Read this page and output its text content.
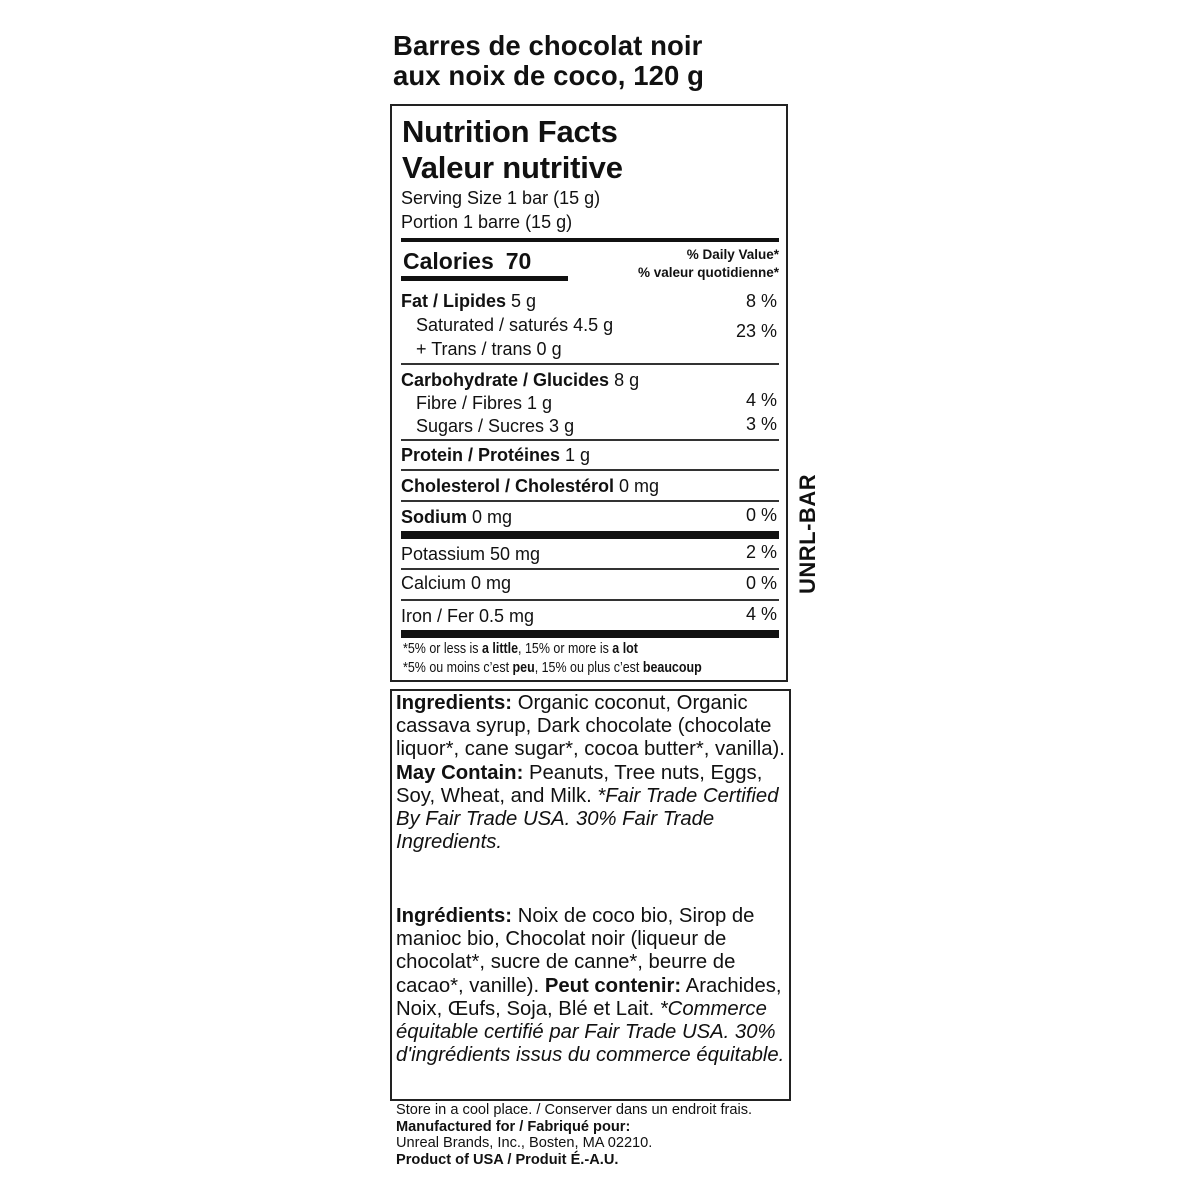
Barres de chocolat noir
aux noix de coco, 120 g
Nutrition Facts
Valeur nutritive
Serving Size 1 bar (15 g)
Portion 1 barre (15 g)
Calories 70	% Daily Value*
% valeur quotidienne*
Fat / Lipides 5 g	8 %
Saturated / saturés 4.5 g	23 %
+ Trans / trans 0 g
Carbohydrate / Glucides 8 g
Fibre / Fibres 1 g	4 %
Sugars / Sucres 3 g	3 %
Protein / Protéines 1 g
Cholesterol / Cholestérol 0 mg
Sodium 0 mg	0 %
Potassium 50 mg	2 %
Calcium 0 mg	0 %
Iron / Fer 0.5 mg	4 %
*5% or less is a little, 15% or more is a lot
*5% ou moins c’est peu, 15% ou plus c’est beaucoup
UNRL-BAR
Ingredients: Organic coconut, Organic cassava syrup, Dark chocolate (chocolate liquor*, cane sugar*, cocoa butter*, vanilla). May Contain: Peanuts, Tree nuts, Eggs, Soy, Wheat, and Milk. *Fair Trade Certified By Fair Trade USA. 30% Fair Trade Ingredients.
Ingrédients: Noix de coco bio, Sirop de manioc bio, Chocolat noir (liqueur de chocolat*, sucre de canne*, beurre de cacao*, vanille). Peut contenir: Arachides, Noix, Œufs, Soja, Blé et Lait. *Commerce équitable certifié par Fair Trade USA. 30% d'ingrédients issus du commerce équitable.
Store in a cool place. / Conserver dans un endroit frais.
Manufactured for / Fabriqué pour:
Unreal Brands, Inc., Bosten, MA 02210.
Product of USA / Produit É.-A.U.
